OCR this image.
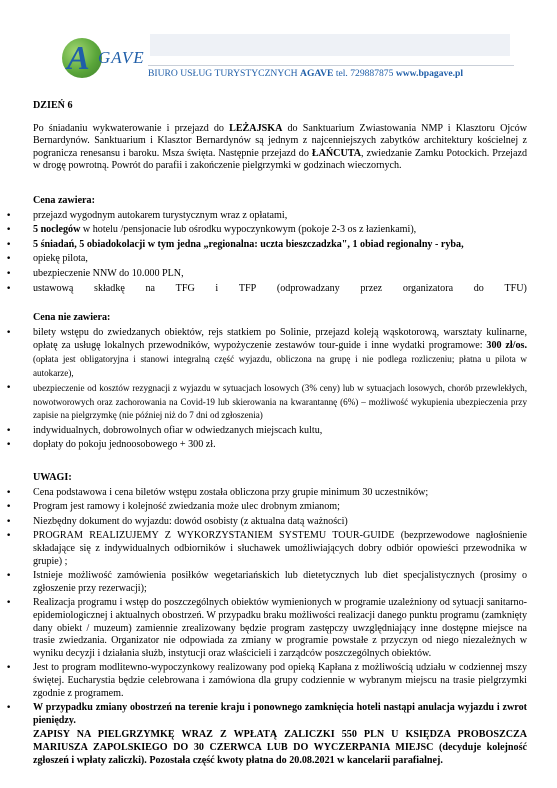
A GAVE
BIURO USŁUG TURYSTYCZNYCH AGAVE tel. 729887875 www.bpagave.pl
DZIEŃ 6

Po śniadaniu wykwaterowanie i przejazd do LEŻAJSKA do Sanktuarium Zwiastowania NMP i Klasztoru Ojców Bernardynów. Sanktuarium i Klasztor Bernardynów są jednym z najcenniejszych zabytków architektury kościelnej z pogranicza renesansu i baroku. Msza święta. Następnie przejazd do ŁAŃCUTA, zwiedzanie Zamku Potockich. Przejazd w drogę powrotną. Powrót do parafii i zakończenie pielgrzymki w godzinach wieczornych.

Cena zawiera:
• przejazd wygodnym autokarem turystycznym wraz z opłatami,
• 5 noclegów w hotelu /pensjonacie lub ośrodku wypoczynkowym (pokoje 2-3 os z łazienkami),
• 5 śniadań, 5 obiadokolacji w tym jedna „regionalna: uczta bieszczadzka", 1 obiad regionalny - ryba,
• opiekę pilota,
• ubezpieczenie NNW do 10.000 PLN,
• ustawową składkę na TFG i TFP (odprowadzany przez organizatora do TFU)
Cena nie zawiera:
• bilety wstępu do zwiedzanych obiektów, rejs statkiem po Solinie, przejazd koleją wąskotorową, warsztaty kulinarne, opłatę za usługę lokalnych przewodników, wypożyczenie zestawów tour-guide i inne wydatki programowe: 300 zł/os. (opłata jest obligatoryjna i stanowi integralną część wyjazdu, obliczona na grupę i nie podlega rozliczeniu; płatna u pilota w autokarze),
• ubezpieczenie od kosztów rezygnacji z wyjazdu w sytuacjach losowych (3% ceny) lub w sytuacjach losowych, chorób przewlekłych, nowotworowych oraz zachorowania na Covid-19 lub skierowania na kwarantannę (6%) – możliwość wykupienia ubezpieczenia przy zapisie na pielgrzymkę (nie później niż do 7 dni od zgłoszenia)
• indywidualnych, dobrowolnych ofiar w odwiedzanych miejscach kultu,
• dopłaty do pokoju jednoosobowego + 300 zł.
UWAGI:
• Cena podstawowa i cena biletów wstępu została obliczona przy grupie minimum 30 uczestników;
• Program jest ramowy i kolejność zwiedzania może ulec drobnym zmianom;
• Niezbędny dokument do wyjazdu: dowód osobisty (z aktualna datą ważności)
• PROGRAM REALIZUJEMY Z WYKORZYSTANIEM SYSTEMU TOUR-GUIDE (bezprzewodowe nagłośnienie składające się z indywidualnych odbiorników i słuchawek umożliwiających dobry odbiór opowieści przewodnika w grupie) ;
• Istnieje możliwość zamówienia posiłków wegetariańskich lub dietetycznych lub diet specjalistycznych (prosimy o zgłoszenie przy rezerwacji);
• Realizacja programu i wstęp do poszczególnych obiektów wymienionych w programie uzależniony od sytuacji sanitarno-epidemiologicznej i aktualnych obostrzeń. W przypadku braku możliwości realizacji danego punktu programu (zamknięty dany obiekt / muzeum) zamiennie zrealizowany będzie program zastępczy uwzględniający inne dostępne miejsce na trasie zwiedzania. Organizator nie odpowiada za zmiany w programie powstałe z przyczyn od niego niezależnych w wyniku decyzji i działania służb, instytucji oraz właścicieli i zarządców poszczególnych obiektów.
• Jest to program modlitewno-wypoczynkowy realizowany pod opieką Kapłana z możliwością udziału w codziennej mszy świętej. Eucharystia będzie celebrowana i zamówiona dla grupy codziennie w wybranym miejscu na trasie pielgrzymki zgodnie z programem.
• W przypadku zmiany obostrzeń na terenie kraju i ponownego zamknięcia hoteli nastąpi anulacja wyjazdu i zwrot pieniędzy.
ZAPISY NA PIELGRZYMKĘ WRAZ Z WPŁATĄ ZALICZKI 550 PLN U KSIĘDZA PROBOSZCZA MARIUSZA ZAPOLSKIEGO DO 30 CZERWCA LUB DO WYCZERPANIA MIEJSC (decyduje kolejność zgłoszeń i wpłaty zaliczki). Pozostała część kwoty płatna do 20.08.2021 w kancelarii parafialnej.
